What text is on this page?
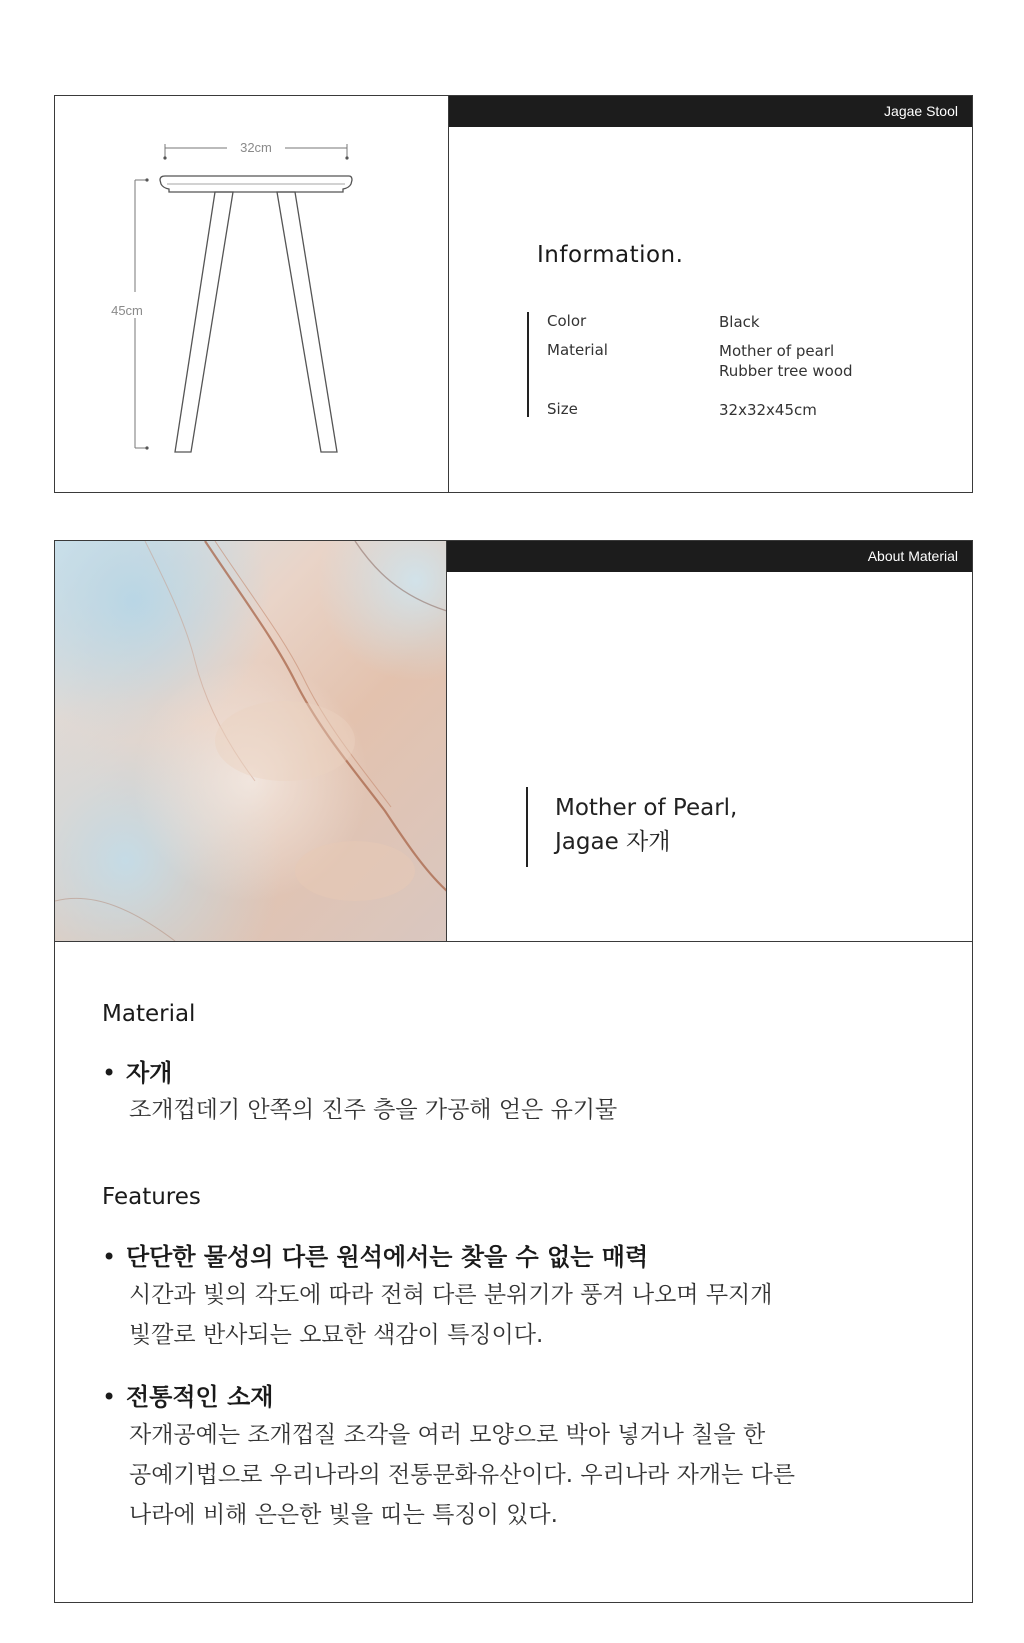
32cm
45cm
Jagae Stool
Information.
Color	Black
Material	Mother of pearl
Rubber tree wood
Size	32x32x45cm
About Material
Mother of Pearl,
Jagae 자개
Material
• 자개
조개껍데기 안쪽의 진주 층을 가공해 얻은 유기물
Features
• 단단한 물성의 다른 원석에서는 찾을 수 없는 매력
시간과 빛의 각도에 따라 전혀 다른 분위기가 풍겨 나오며 무지개
빛깔로 반사되는 오묘한 색감이 특징이다.
• 전통적인 소재
자개공예는 조개껍질 조각을 여러 모양으로 박아 넣거나 칠을 한
공예기법으로 우리나라의 전통문화유산이다. 우리나라 자개는 다른
나라에 비해 은은한 빛을 띠는 특징이 있다.
